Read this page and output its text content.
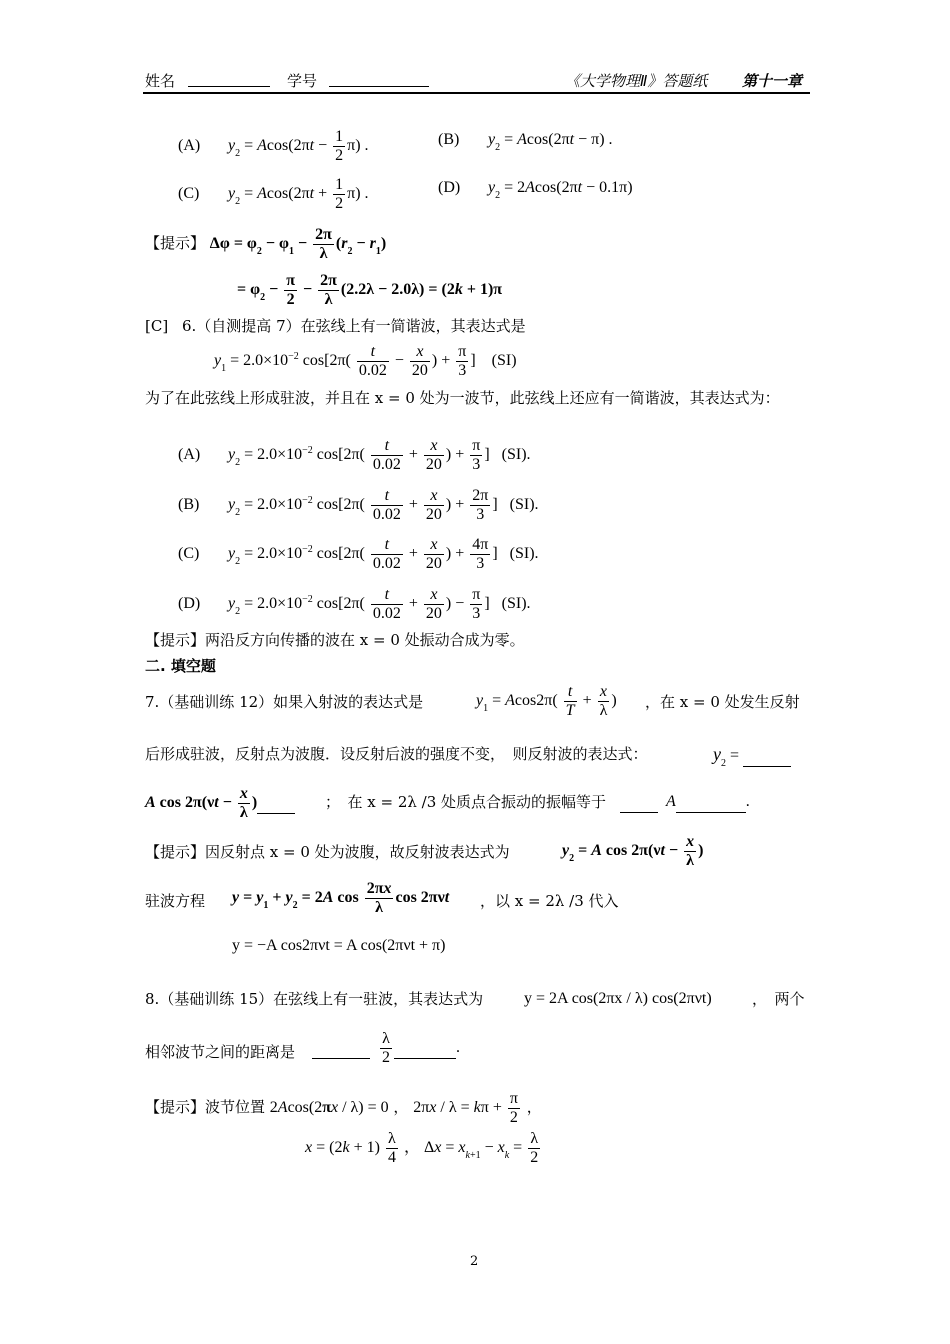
姓名	学号	《大学物理Ⅱ》答题纸 第十一章
(A) $y_2 = Acos(2\pi t - \frac{1}{2} \pi)$ .	(B) $y_2 = Acos(2\pi t - \pi)$ .
(C) $y_2 = Acos(2\pi t + \frac{1}{2} \pi)$ .	(D) $y_2 = 2Acos(2\pi t - 0.1\pi)$
【提示】 $\Delta\varphi = \varphi_2 - \varphi_1 - \frac{2\pi}{\lambda} (r_2 - r_1)$
= $\varphi_2 - \frac{\pi}{2} - \frac{2\pi}{\lambda} (2.2\lambda - 2.0\lambda) = (2k + 1)\pi$
[C] 6.（自测提高 7）在弦线上有一简谐波，其表达式是
$y_1 = 2.0\times 10^{-2}$ $\cos[2\pi( \frac{t}{0.02} - \frac{x}{20}$ ) + $\frac{\pi}{3}$ ]    (SI)
为了在此弦线上形成驻波，并且在 x = 0 处为一波节，此弦线上还应有一简谐波，其表达式为：
(A) $y_2 = 2.0\times 10^{-2}$ $\cos[2\pi( \frac{t}{0.02} + \frac{x}{20}$ ) + $\frac{\pi}{3}$ ]   (SI).
(B) $y_2 = 2.0\times 10^{-2}$ $\cos[2\pi( \frac{t}{0.02} + \frac{x}{20}$ ) + $\frac{2\pi}{3}$ ]   (SI).
(C) $y_2 = 2.0\times 10^{-2}$ $\cos[2\pi( \frac{t}{0.02} + \frac{x}{20}$ ) + $\frac{4\pi}{3}$ ]   (SI).
(D) $y_2 = 2.0\times 10^{-2}$ $\cos[2\pi( \frac{t}{0.02} + \frac{x}{20}$ ) − $\frac{\pi}{3}$ ]   (SI).
【提示】两沿反方向传播的波在 x = 0 处振动合成为零。
二. 填空题
7.（基础训练 12）如果入射波的表达式是	$y_1 = Acos2\pi( \frac{t}{T} + \frac{x}{\lambda}$ ) ，在 x = 0 处发生反射
后形成驻波，反射点为波腹．设反射后波的强度不变，　则反射波的表达式：	$y_2$ =
A $\cos 2\pi(\nu t - \frac{x}{\lambda}$ )	；　在 x = 2λ /3 处质点合振动的振幅等于	A	.
【提示】因反射点 x = 0 处为波腹，故反射波表达式为	$y_2 = A$ $\cos 2\pi(\nu t - \frac{x}{\lambda}$ )
驻波方程 $y = y_1 + y_2 = 2A$ $\cos \frac{2\pi x}{\lambda}$ cos 2πνt ，以 x = 2λ /3 代入
y = −A cos2πνt = A cos(2πνt + π)
8.（基础训练 15）在弦线上有一驻波，其表达式为	y = 2A cos(2πx / λ) cos(2πνt)	，　两个
相邻波节之间的距离是
	$\frac{\lambda}{2}$	.
【提示】波节位置 2Acos(2πx / λ) = 0 ， $2\pi x / \lambda = k\pi + \frac{\pi}{2}$ ，
$x = (2k + 1) \frac{\lambda}{4}$ ， $\Delta x = x_{k+1} - x_k = \frac{\lambda}{2}$
2
